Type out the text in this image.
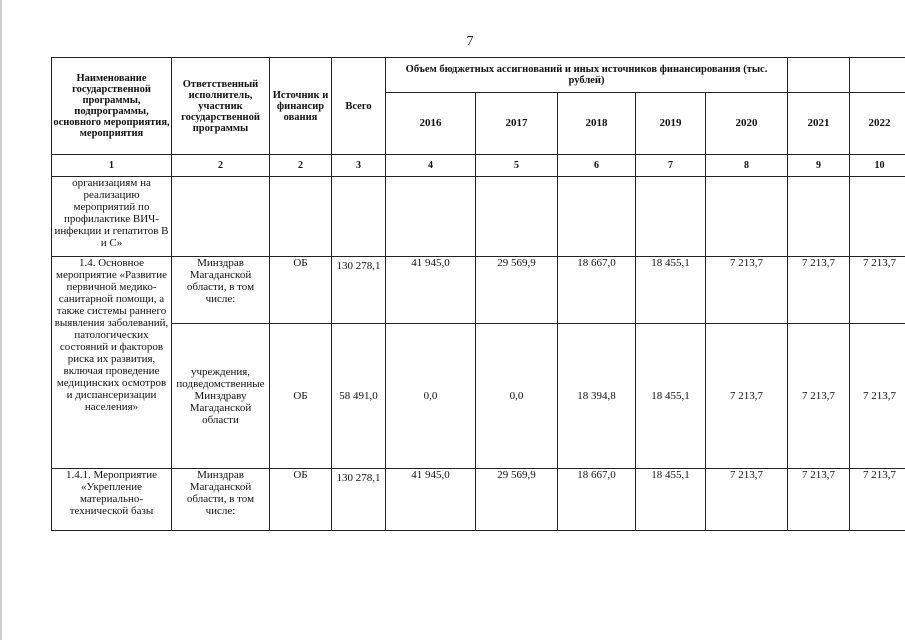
7
Наименование государственной программы, подпрограммы, основного мероприятия, мероприятия	Ответственный исполнитель, участник государственной программы	Источник и финансир ования	Всего	Объем бюджетных ассигнований и иных источников финансирования (тыс. рублей)						
				2016	2017	2018	2019	2020	2021	2022
1	2	2	3	4	5	6	7	8	9	10
организациям на реализацию мероприятий по профилактике ВИЧ-инфекции и гепатитов В и С»										
1.4. Основное мероприятие «Развитие первичной медико-санитарной помощи, а также системы раннего выявления заболеваний, патологических состояний и факторов риска их развития, включая проведение медицинских осмотров и диспансеризации населения»	Минздрав Магаданской области, в том числе:	ОБ	130 278,1	41 945,0	29 569,9	18 667,0	18 455,1	7 213,7	7 213,7	7 213,7
	учреждения, подведомственные Минздраву Магаданской области	ОБ	58 491,0	0,0	0,0	18 394,8	18 455,1	7 213,7	7 213,7	7 213,7
1.4.1. Мероприятие «Укрепление материально-технической базы	Минздрав Магаданской области, в том числе:	ОБ	130 278,1	41 945,0	29 569,9	18 667,0	18 455,1	7 213,7	7 213,7	7 213,7
